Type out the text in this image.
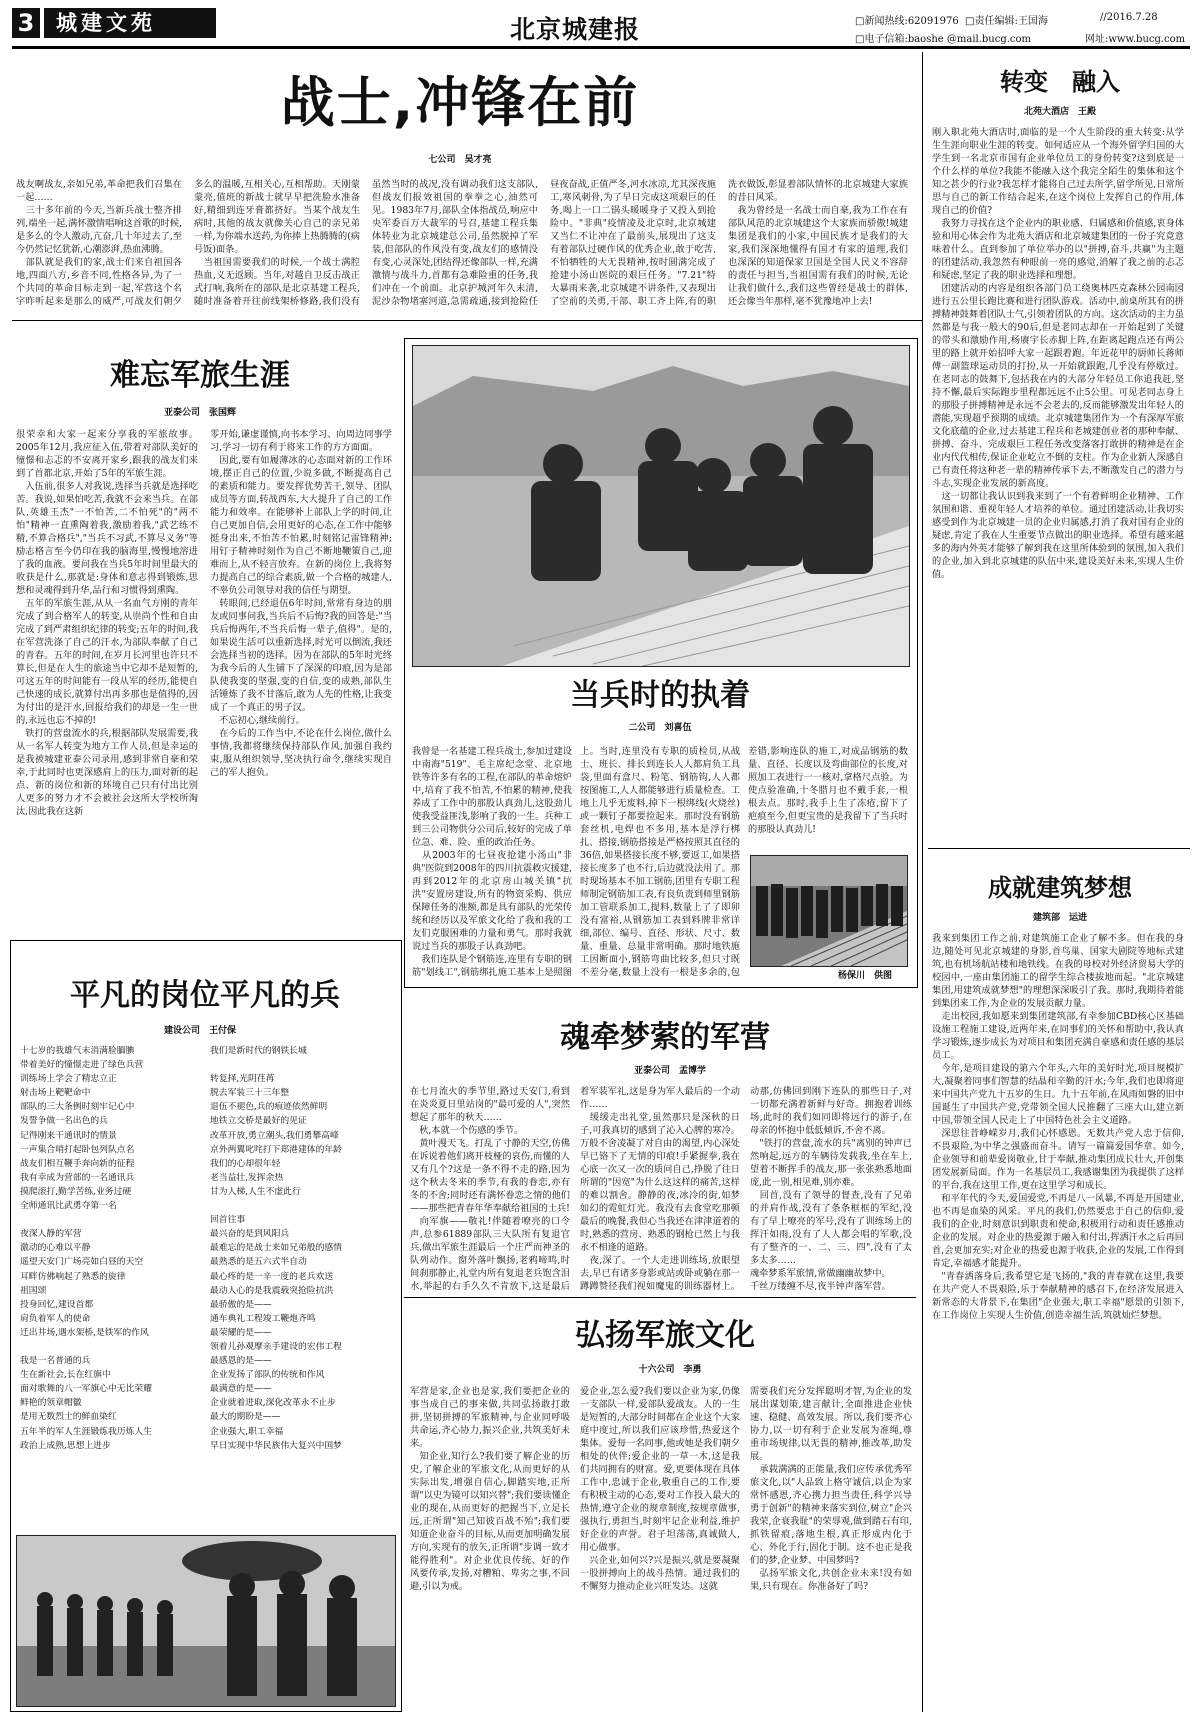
3	城建文苑	北京城建报	□新闻热线:62091976 □责任编辑:王国海	//2016.7.28
□电子信箱:baoshe @mail.bucg.com	网址:www.bucg.com
战士,冲锋在前
七公司　吴才亮
战友啊战友,亲如兄弟,革命把我们召集在一起……
　三十多年前的今天,当新兵战士整齐排列,端坐一起,满怀激情唱响这首歌的时候,是多么的令人激动,亢奋,几十年过去了,至今仍然记忆犹新,心潮澎湃,热血沸腾。
　部队就是我们的家,战士们来自祖国各地,四面八方,乡音不同,性格各异,为了一个共同的革命目标走到一起,军营这个名字昨听起来是那么的威严,可战友们朝夕
多么的温暖,互相关心,互相帮助。天刚蒙蒙亮,值班的新战士就早早把洗脸水准备好,精细到连牙膏都挤好。当某个战友生病时,其他的战友就像关心自己的亲兄弟一样,为你端水送药,为你捧上热腾腾的(病号饭)面条。
　当祖国需要我们的时候,一个战士满腔热血,义无返顾。当年,对越自卫反击战正式打响,我所在的部队是北京基建工程兵,随时准备着开往前线架桥修路,我们没有
虽然当时的战况,没有调动我们这支部队,但战友们报效祖国的拳拳之心,油然可见。1983年7月,部队全体指战员,响应中央军委百万大裁军的号召,基建工程兵集体转业为北京城建总公司,虽然脱掉了军装,但部队的作风没有变,战友们的感情没有变,心灵深处,团结得还像部队一样,充满激情与战斗力,首都有急难险重的任务,我们冲在一个前面。北京护城河年久未清,泥沙杂物堵塞河道,急需疏通,接到抢险任
昼夜奋战,正值严冬,河水冰凉,尤其深夜施工,寒风刺骨,为了早日完成这项艰巨的任务,喝上一口二锅头暖暖身子又投入到抢险中。"非典"疫情凌及北京时,北京城建又当仁不让冲在了最前头,展现出了这支有着部队过硬作风的优秀企业,敢于吃苦,不怕牺牲的大无畏精神,按时圆满完成了抢建小汤山医院的艰巨任务。"7.21"特大暴雨来袭,北京城建不讲条件,又表现出了空前的关勇,干部、职工齐上阵,有的职
洗衣做饭,彰显着部队情怀的北京城建大家族的昔日风采。
　我为曾经是一名战士而自豪,我为工作在有部队风范的北京城建这个大家族而骄傲!城建集团是我们的小家,中国民族才是我们的大家,我们深深地懂得有国才有家的道理,我们也深深的知道保家卫国是全国人民义不容辞的责任与担当,当祖国需有我们的时候,无论让我们做什么,我们这些曾经是战士的群体,还会像当年那样,毫不犹豫地冲上去!
难忘军旅生涯
亚泰公司　张国辉
很荣幸和大家一起来分享我的军旅故事。2005年12月,我应征入伍,带着对部队美好的憧憬和忐忑的不安离开家乡,跟我的战友们来到了首都北京,开始了5年的军旅生涯。
　入伍前,很多人对我说,选择当兵就是选择吃苦。我说,如果怕吃苦,我就不会来当兵。在部队,英雄王杰"一不怕苦,二不怕死"的"两不怕"精神一直熏陶着我,激励着我,"武艺练不精,不算合格兵","当兵不习武,不算尽义务"等励志格言至今仍印在我的脑海里,慢慢地溶进了我的血液。要问我在当兵5年时间里最大的收获是什么,那就是:身体和意志得到锻炼,思想和灵魂得到升华,品行和习惯得到熏陶。
　五年的军旅生涯,从从一名血气方刚的青年完成了到合格军人的转变,从崇尚个性和自由完成了到严肃组织纪律的转变;五年的时间,我在军营洗涤了自己的汗水,为部队奉献了自己的青春。五年的时间,在岁月长河里也许只不算长,但是在人生的旅途当中它却不是短暂的,可这五年的时间能有一段从军的经历,能使自己快速的成长,就算付出再多那也是值得的,因为付出的是汗水,回报给我们的却是一生一世的,永远也忘不掉的!
　铁打的营盘流水的兵,根据部队发展需要,我从一名军人转变为地方工作人员,但是幸运的是我被城建亚泰公司录用,感到非常自豪和荣幸,于此同时也更深感肩上的压力,面对新的起点、新的岗位和新的环境自己只有付出比别人更多的努力才不会被社会这所大学校所淘汰,因此我在这新
零开始,谦虚谨慎,向书本学习、向周边同事学习,学习一切有利于将来工作的方方面面。
　因此,要有如履薄冰的心态面对新的工作环境,摆正自己的位置,少说多做,不断提高自己的素质和能力。要发挥优势苦干,领导、团队成员等方面,转战西东,大大提升了自己的工作能力和效率。在能够补上部队上学的时间,让自己更加自信,会用更好的心态,在工作中能够挺身出来,不怕苦不怕累,时刻铭记雷锋精神;用钉子精神时刻作为自己不断地鞭策自己,迎难而上,从不轻言放弃。在新的岗位上,我将努力提高自己的综合素质,做一个合格的城建人,不辜负公司领导对我的信任与期望。
　转眼间,已经退伍6年时间,常常有身边的朋友或同事问我,当兵后不后悔?我的回答是:"当兵后悔两年,不当兵后悔一辈子,值得"。是的,如果说生活可以重新选择,时光可以倒流,我还会选择当初的选择。因为在部队的5年时光终为我今后的人生铺下了深深的印痕,因为是部队使我变的坚强,变的自信,变的成熟,部队生活锤炼了我不甘落后,敢为人先的性格,让我变成了一个真正的男子汉。
　不忘初心,继续前行。
　在今后的工作当中,不论在什么岗位,做什么事情,我都将继续保持部队作风,加强自我约束,服从组织领导,坚决执行命令,继续实现自己的军人抱负。
平凡的岗位平凡的兵
建设公司　王付保
十七岁的我雄气未消满脸腼腆
带着美好的憧憬走进了绿色兵营
训练场上学会了精忠立正
射击场上靶靶命中
部队的三大条例时刻牢记心中
发誓争做一名出色的兵
记得刚来干通讯时的情景
一声集合哨打起卧包列队点名
战友们相互鞭手奔向新的征程
我有幸成为营部的一名通讯兵
摸爬滚打,勤学苦练,业务过硬
全师通讯比武勇夺第一名

夜深人静的军营
激动的心难以平静
遥望天安门广场亮如白昼的天空
耳畔仿佛响起了熟悉的旋律
祖国颂
投身回忆,建设首都
肩负着军人的使命
迁出井场,遇水架桥,是铁军的作风

我是一名普通的兵
生在新社会,长在红旗中
面对歌舞的八一军旗心中无比荣耀
鲜艳的领章帽徽
是用无数烈士的鲜血染红
五年半的军人生涯锻炼我历炼人生
政治上成熟,思想上进步
我们是新时代的钢铁长城

转复择,光阴荏苒
脱去军装三十三年整
退伍不褪色,兵的痕迹依然鲜明
地铁立交桥是最好的见证
改革开放,勇立潮头,我们勇攀高峰
京外两翼叱咤打下郑港建体的年龄
我们的心却很年轻
老当益壮,发挥余热
甘为人梯,人生不虚此行

回首往事
最兴奋的是到风阳兵
最难忘的是战士来如兄弟般的感情
最熟悉的是五六式半自动
最心疼的是一辛一度的老兵欢送
最动人心的是我震载突抢险抗洪
最骄傲的是——
通车典礼工程竣工鞭炮齐鸣
最荣耀的是——
领着儿孙观摩亲手建设的宏伟工程
最感恩的是——
企业发扬了部队的传统和作风
最满意的是——
企业就着进取,深化改革永不止步
最大的期盼是——
企业强大,职工幸福
早日实现中华民族伟大复兴中国梦
当兵时的执着
二公司　刘喜伍
我曾是一名基建工程兵战士,参加过建设中南海"519"、毛主席纪念堂、北京地铁等许多有名的工程,在部队的革命熔炉中,培育了我不怕苦,不怕累的精神,使我养成了工作中的那股认真劲儿,这股劲儿使我受益匪浅,影响了我的一生。兵种工到三公司物供分公司后,较好的完成了单位急、难、险、重的政治任务。
　从2003年的七昼夜抢建小汤山"非典"医院到2008年的四川抗震救灾援建,再到2012年的北京房山城关镇"抗洪"安置房建设,所有的物资采购、供应保障任务的准额,都是具有部队的光荣传统和经历以及军旅文化给了我和我的工友们克服困难的力量和勇气。那时我就说过当兵的那股子认真劲吧。
　我们连队是个钢筋连,连里有专职的钢筋"划线工",钢筋绑扎施工基本上是照图
上。当时,连里没有专职的质检员,从战士、班长、排长到连长人人都肩负工具袋,里面有盒尺、粉笔、钢筋钩,人人都按图施工,人人都能够进行质量检查。工地上几乎无废料,掉下一根绑线(火烧丝)或一颗钉子都要捡起来。那时没有钢筋套丝机,电焊也不多用,基本是浮行梆扎、搭接,钢筋搭接是严格按照其直径的36倍,如果搭接长度不够,要返工,如果搭接长度多了也不行,后边就没法用了。那时现场基本不加工钢筋,团里有专职工程师制定钢筋加工表,有良负责到师里钢筋加工管联系加工,提料,数量上了了即卯没有富裕,从钢筋加工表到料牌非常详细,部位、编号、直径、形状、尺寸、数量、重量、总量非常明确。那时地铁施工因断面小,钢筋弯曲比较多,但只寸既不差分毫,数量上没有一根是多余的,包
差错,影响连队的施工,对成品钢筋的数量、直径、长度以及弯曲部位的长度,对照加工表进行一一核对,拿格尺点验。为使点验准确,十冬腊月也不戴手套,一根根去点。那时,我手上生了冻疮,留下了疤痕至今,但更宝贵的是我留下了当兵时的那股认真劲儿!
杨保川　供图
魂牵梦萦的军营
亚泰公司　孟博学
在七月流火的季节里,路过天安门,看到在炎炎夏日里站岗的"最可爱的人",突然想起了那年的秋天……
　秋,本就一个伤感的季节。
　黄叶漫天飞。打乱了寸静的天空,仿佛在诉说着他们离开枝桠的哀伤,而懂的人又有几个?这是一条不得不走的路,因为这个秋去冬来的季节,有我的眷恋,亦有冬的不舍;同时还有满怀眷恋之情的他们——那些把青春年华奉献给祖国的士兵!
　向军旗——敬礼!伴随着嘹亮的口令声,总参61889部队三大队所有复退官兵,做出军旅生涯最后一个庄严而神圣的队列动作。窗外落叶飘扬,老鸦啼鸣,时间刹那静止,礼堂内所有复退老兵饱含泪水,举起的右手久久不肯放下,这是最后
着军装军礼,这是身为军人最后的一个动作……
　缓缓走出礼堂,虽然那只是深秋的日子,可我真切的感到了沁入心脾的寒冷。万般不舍凌凝了对自由的渴望,内心深处早已铬下了无情的印痕!手紧握拳,我在心底一次又一次的质问自己,挣脱了往日所谓的"因宽"为什么这这样的痛苦,这样的难以割舍。静静的夜,冰冷的街,如梦如幻的霓虹灯光。我没有去食堂吃那顿最后的晚餐,我但心当我还在津津道着的时,熟悉的营房、熟悉的钢枪已然上与我永不相逢的道路。
　夜,深了。一个人走进训练场,放眼望去,早已有诸多身影或站或卧或躺在那一蹲蹲赞径我们视如魔鬼的训练器材上。
动那,仿佛回到刚下连队的那些日子,对一切都充满着新鲜与好奇。拥抱着训练场,此时的我们如同即将远行的游子,在母亲的怀抱中低低倾诉,不舍不离。
　"铁打的营盘,流水的兵"离别的钟声已然响起,远方的车辆待发载我,坐在车上,望着不断挥手的战友,那一张张熟悉地面庞,此一别,相见难,别亦难。
　回首,没有了领导的督查,没有了兄弟的并肩作战,没有了条条框框的军纪,没有了早上嘹亮的军号,没有了训练场上的挥汗如雨,没有了人人都会唱的军歌,没有了整齐的一、二、三、四",没有了太多太多……
魂牵梦系军旅情,常做幽幽故梦中。
千丝万缕缠不尽,夜半钟声落军营。

弘扬军旅文化
十六公司　李勇
军营是家,企业也是家,我们要把企业的事当成自己的事来做,共同弘扬敢打敢拼,坚韧拼搏的军旅精神,与企业同呼吸共命运,齐心协力,振兴企业,共筑美好未来。
　知企业,知行么?我们要了解企业的历史,了解企业的军旅文化,从而更好的从实际出发,增强自信心,脚踏实地,正所谓"以史为镜可以知兴替";我们要读懂企业的现在,从而更好的把握当下,立足长远,正所谓"知己知彼百战不殆";我们要知道企业奋斗的目标,从而更加明确发展方向,实现有的放矢,正所谓"步调一致才能得胜利"。对企业优良传统、好的作风要传承,发扬,对糟粕、卑劣之事,不回避,引以为戒。
爱企业,怎么爱?我们要以企业为家,仍像一支部队一样,爱部队爱战友。人的一生是短暂的,大部分时间都在企业这个大家庭中度过,所以我们应该珍惜,热爱这个集体。爱每一名同事,他或她是我们朝夕相处的伙伴;爱企业的一草一木,这是我们共同拥有的财富。爱,更要体现在具体工作中,忠诚于企业,敬重自己的工作,要有积极主动的心态,要对工作投入最大的热情,遵守企业的规章制度,按规章做事,强执行,勇担当,时刻牢记企业利益,维护好企业的声誉。君子坦荡荡,真诚做人,用心做事。
　兴企业,如何兴?兴是振兴,就是要凝聚一股拼搏向上的战斗热情。通过我们的不懈努力推动企业兴旺发达。这就
需要我们充分发挥聪明才智,为企业的发展出谋划策,建言献计,全面推进企业快速、稳健、高效发展。所以,我们要齐心协力,以一切有利于企业发展为准绳,尊重市场规律,以无畏的精神,推改革,助发展。
　承载满满的正能量,我们应传承优秀军旅文化,以"人品致上格守诚信,以企为家常怀感恩,齐心携力担当责任,科学兴导勇于创新"的精神来落实到位,树立"企兴我荣,企衰我耻"的荣辱观,做到踏石有印,抓铁留痕,落地生根,真正形成内化于心、外化于行,固化于制。这不也正是我们的梦,企业梦、中国梦吗?
　弘扬军旅文化,共创企业未来!没有如果,只有现在。你准备好了吗?
转变　融入
北苑大酒店　王殿
刚入职北苑大酒店时,面临的是一个人生阶段的重大转变:从学生生涯向职业生涯的转变。如何适应从一个海外留学归国的大学生到一名北京市国有企业单位员工的身份转变?这到底是一个什么样的单位?我能不能融入这个我完全陌生的集体和这个知之甚少的行业?我怎样才能将自己过去所学,留学所见,日常所思与自己的新工作结合起来,在这个岗位上发挥自己的作用,体现自己的价值?
　我努力寻找在这个企业内的职业感、归属感和价值感,衷身体验和用心体会作为北苑大酒店和北京城建集团的一份子究竟意味着什么。直到参加了单位举办的以"拼搏,奋斗,共赢"为主题的团建活动,我忽然有种眼前一亮的感觉,消解了我之前的忐忑和疑虑,坚定了我的职业选择和理想。
　团建活动的内容是组织各部门员工绕奥林匹克森林公园南园进行五公里长跑比赛和进行团队游戏。活动中,前桌所其有的拼搏精神鼓舞着团队士气,引领着团队的方向。这次活动的主力虽然都是与我一般大的90后,但是老同志却在一开始起到了关键的带头和激励作用,杨赓宇长赤脚上阵,在距离起跑点还有两公里的路上就开始招呼大家一起跟着跑。年近花甲的厨师长蒋师傅一副篮球运动员的打扮,从一开始就跟跑,几乎没有停歇过。在老同志的鼓舞下,包括我在内的大部分年轻员工你追我赶,坚持不懈,最后实际跑步里程都远远不止5公里。可见老同志身上的那股子拼搏精神是永远不会老去的,反而能够激发出年轻人的潜能,实现超乎预期的成绩。北京城建集团作为一个有深厚军旅文化底蕴的企业,过去基建工程兵和老城建创业者的那种奉献、拼搏、奋斗、完成艰巨工程任务改变落客打敢拼的精神是在企业内代代相传,保证企业屹立不倒的支柱。作为企业新人深感自己有责任将这种老一辈的精神传承下去,不断激发自己的潜力与斗志,实现企业发展的新高度。
　这一切都让我认识到我来到了一个有着鲜明企业精神、工作氛围和谐、重视年轻人才培养的单位。通过团建活动,让我切实感受到作为北京城建一员的企业归属感,打消了我对国有企业的疑虑,肯定了我在人生重要节点做出的职业选择。希望有越来越多的海内外英才能够了解到我在这里所体验到的氛围,加入我们的企业,加入到北京城建的队伍中来,建设美好未来,实现人生价值。
成就建筑梦想
建筑部　运进
我来到集团工作之前,对建筑施工企业了解不多。但在我的身边,随处可见北京城建的身影,首鸟巢、国家大剧院等地标式建筑,也有机场航站楼和地铁线。在我的母校对外经济贸易大学的校园中,一座由集团施工的留学生综合楼拔地而起。"北京城建集团,用建筑成就梦想"的理想深深吸引了我。那时,我期待着能到集团来工作,为企业的发展贡献力量。
　走出校园,我如愿来到集团建筑部,有幸参加CBD核心区基础设施工程施工建设,近两年来,在同事们的关怀和帮助中,我认真学习锻炼,逐步成长为对项目和集团充满自豪感和责任感的基层员工。
　今年,是项目建设的第六个年头,六年的美好时光,项目规模扩大,凝聚着同事们智慧的结晶和辛勤的汗水;今年,我们也即将迎来中国共产党九十五岁的生日。九十五年前,在风雨如磐的旧中国诞生了中国共产党,党带领全国人民推翻了三座大山,建立新中国,带领全国人民走上了中国特色社会主义道路。
　深思往昔峥嵘岁月,我们心怀感恩。无数共产党人忠于信仰,不畏艰险,为中华之强盛而奋斗。请写一篇篇爱国华章。如今,企业领导和前辈爱岗敬业,甘于奉献,推动集团成长壮大,开创集团发展新局面。作为一名基层员工,我感谢集团为我提供了这样的平台,我在这里工作,更在这里学习和成长。
　和平年代的今天,爱国爱党,不再是八一风暴,不再是开国建业,也不再是血染的风采。平凡的我们,仍然要忠于自己的信仰,爱我们的企业,时刻意识到职责和使命,积极用行动和责任感推动企业的发展。对企业的热爱源于融入和付出,挥洒汗水之后再回首,会更加充实;对企业的热爱也源于收获,企业的发展,工作得到肯定,幸福感才能提升。
　"青春洒落身后,我希望它是飞扬的,"我的青春就在这里,我要在共产党人不畏艰险,乐于奉献精神的感召下,在经济发展进入新常态的大背景下,在集团"企业强大,职工幸福"愿景的引领下,在工作岗位上实现人生价值,创造幸福生活,筑就灿烂梦想。
